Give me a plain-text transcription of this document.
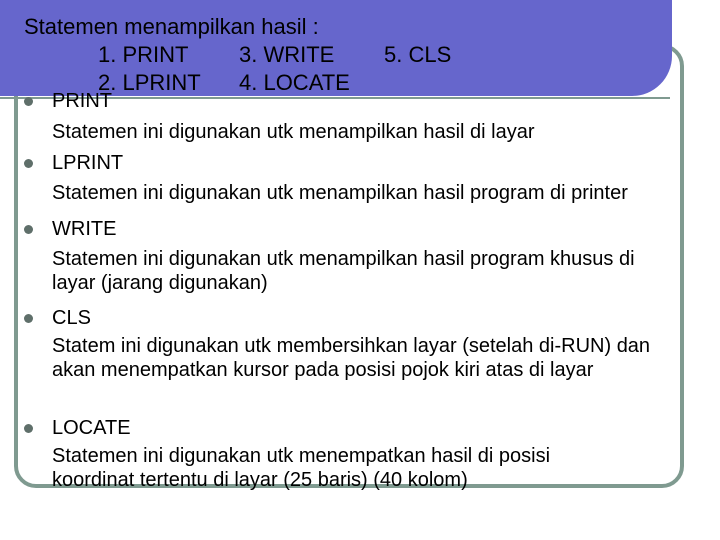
Statemen menampilkan hasil :
1. PRINT 3. WRITE 5. CLS
2. LPRINT 4. LOCATE
PRINT
Statemen ini digunakan utk menampilkan hasil di layar
LPRINT
Statemen ini digunakan utk menampilkan hasil program di printer
WRITE
Statemen ini digunakan utk menampilkan hasil program khusus di layar (jarang digunakan)
CLS
Statem ini digunakan utk membersihkan layar (setelah di-RUN) dan akan menempatkan kursor pada posisi pojok kiri atas di layar
LOCATE
Statemen ini digunakan utk menempatkan hasil di posisi koordinat tertentu di layar (25 baris) (40 kolom)
